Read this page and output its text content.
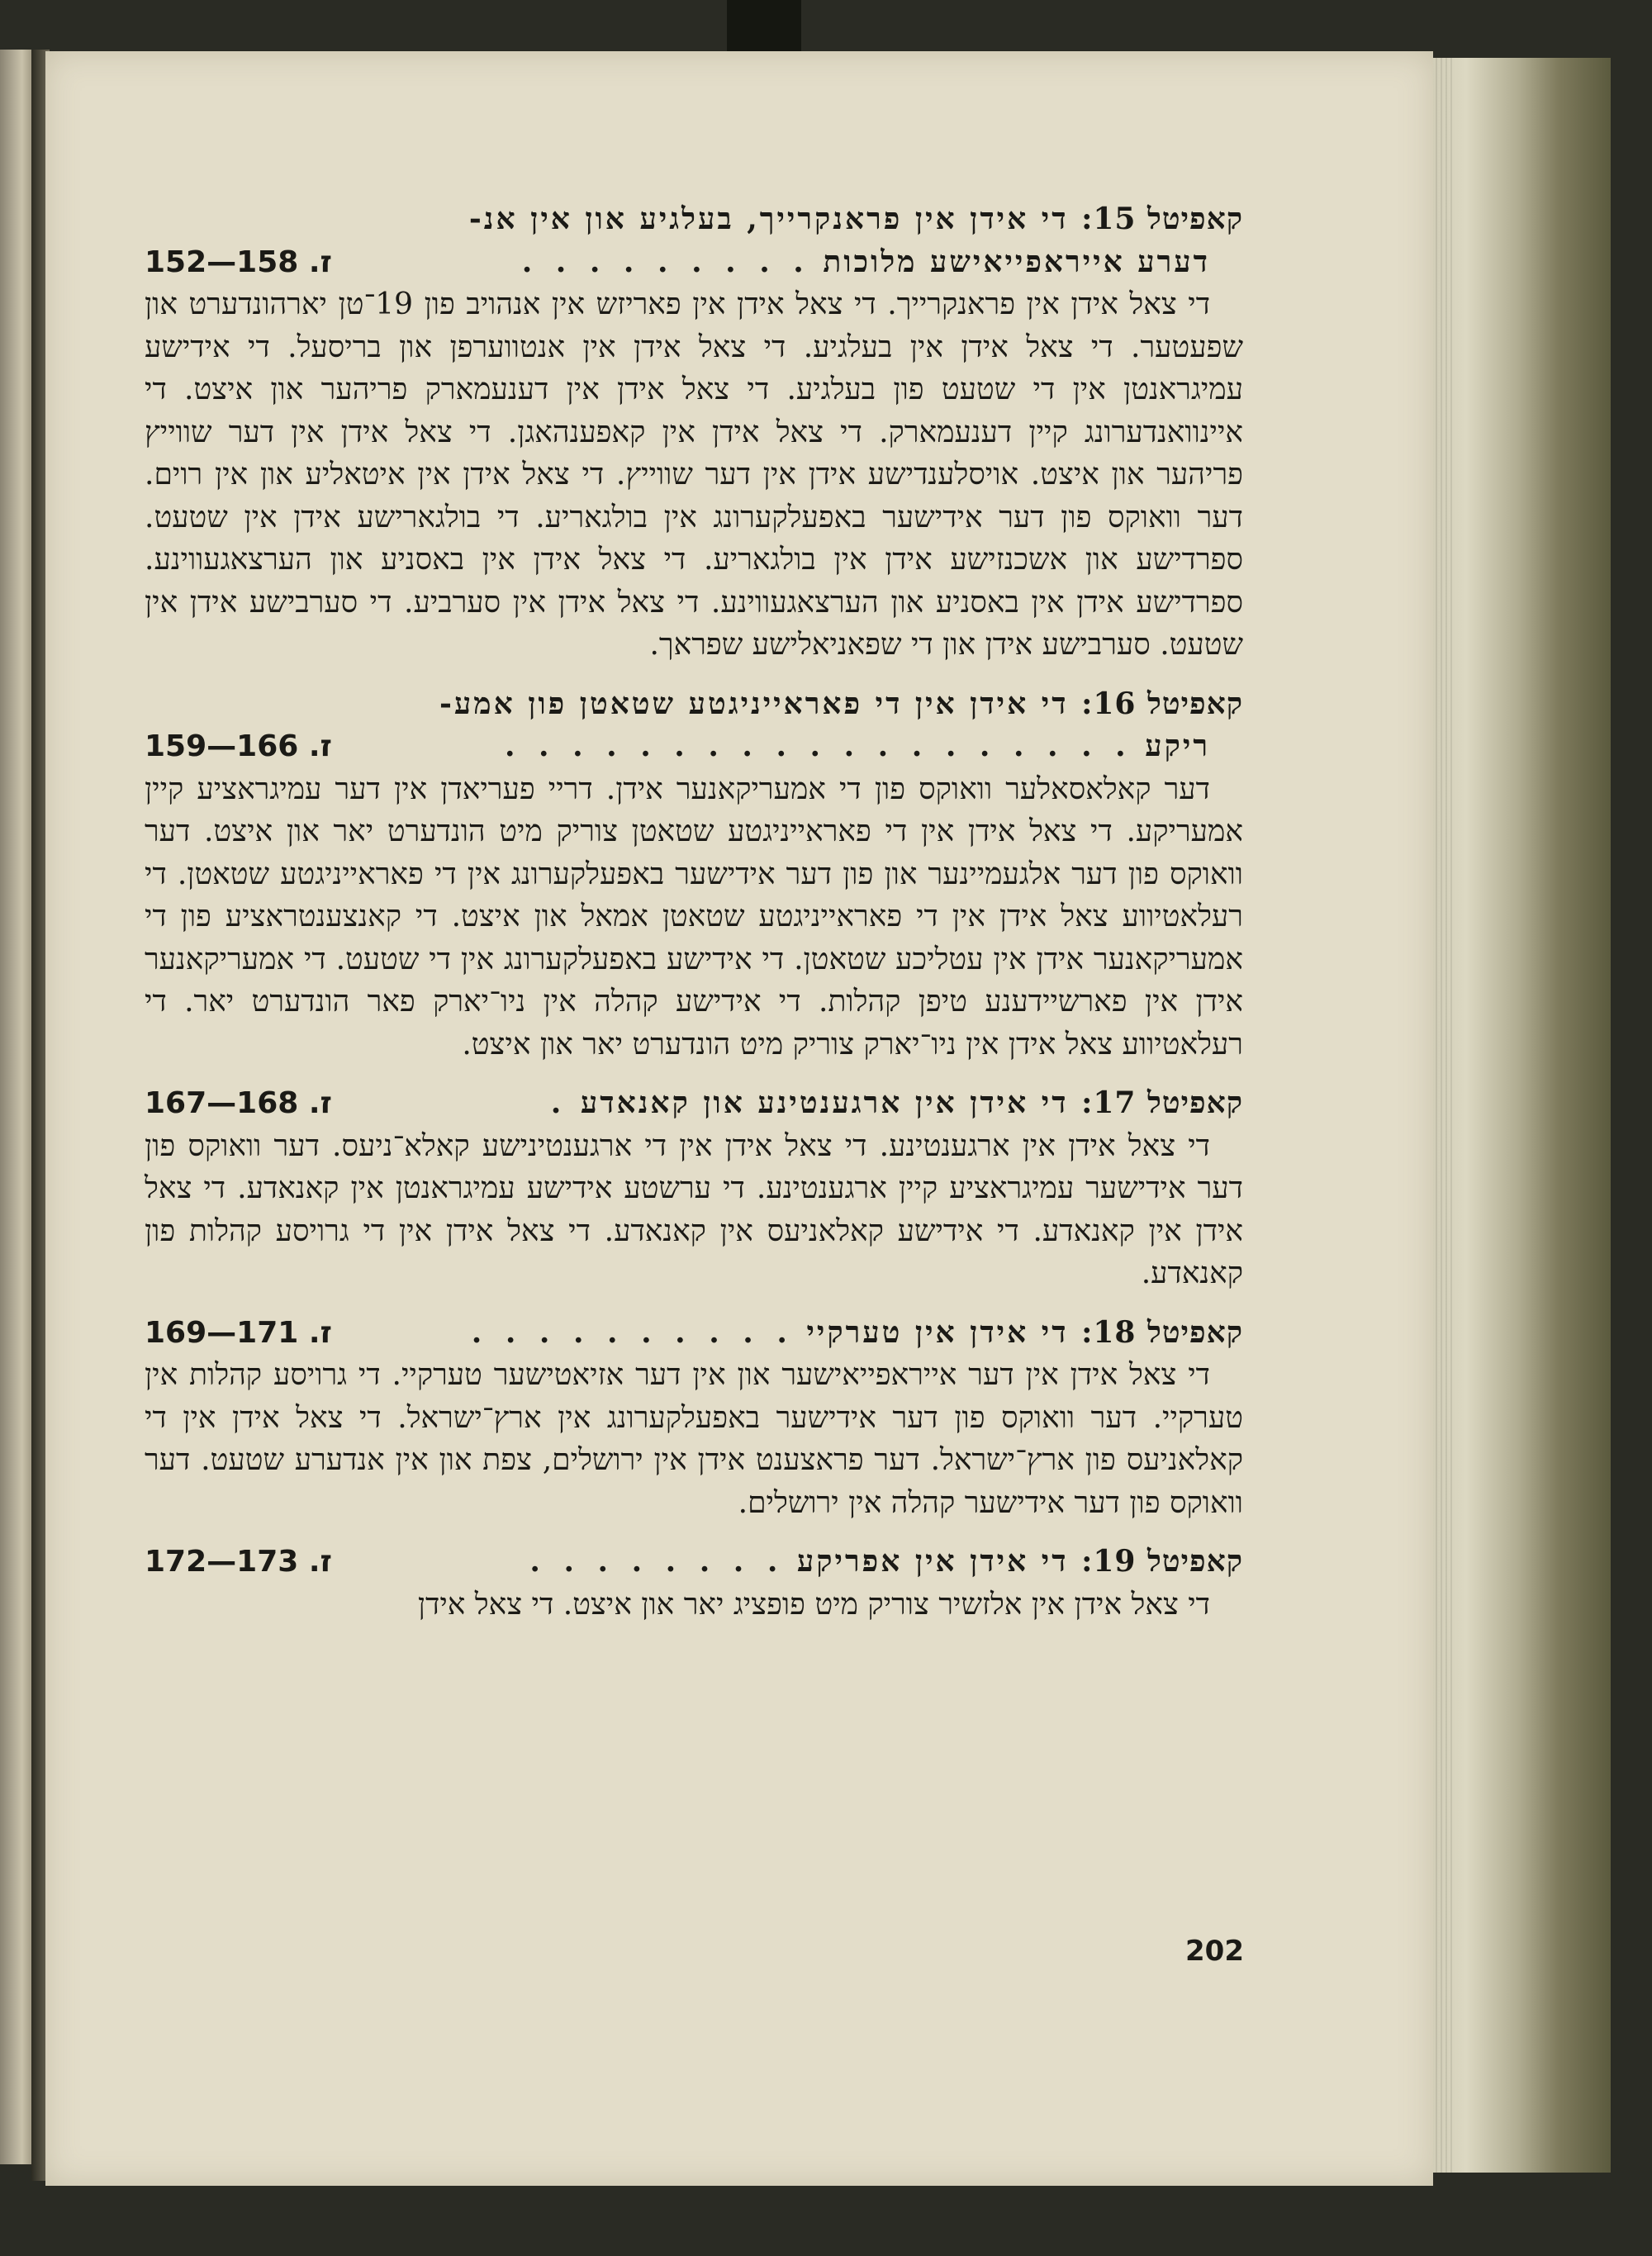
קאפיטל 15: די אידן אין פראנקרייך, בעלגיע און אין אנ-

דערע אייראפייאישע מלוכות . . . . . . . . .
152—158 .ז

די צאל אידן אין פראנקרייך. די צאל אידן אין פאריזש אין אנהויב פון 19־טן יארהונדערט און שפעטער. די צאל אידן אין בעלגיע. די צאל אידן אין אנטווערפן און בריסעל. די אידישע עמיגראנטן אין די שטעט פון בעלגיע. די צאל אידן אין דענעמארק פריהער און איצט. די איינוואנדערונג קיין דענעמארק. די צאל אידן אין קאפענהאגן. די צאל אידן אין דער שווייץ פריהער און איצט. אויסלענדישע אידן אין דער שווייץ. די צאל אידן אין איטאליע און אין רוים. דער וואוקס פון דער אידישער באפעלקערונג אין בולגאריע. די בולגארישע אידן אין שטעט. ספרדישע און אשכנזישע אידן אין בולגאריע. די צאל אידן אין באסניע און הערצאגעווינע. ספרדישע אידן אין באסניע און הערצאגעווינע. די צאל אידן אין סערביע. די סערבישע אידן אין שטעט. סערבישע אידן און די שפאניאלישע שפראך.

קאפיטל 16: די אידן אין די פאראייניגטע שטאטן פון אמע-

ריקע . . . . . . . . . . . . . . . . . . .
159—166 .ז

דער קאלאסאלער וואוקס פון די אמעריקאנער אידן. דריי פעריאדן אין דער עמיגראציע קיין אמעריקע. די צאל אידן אין די פאראייניגטע שטאטן צוריק מיט הונדערט יאר און איצט. דער וואוקס פון דער אלגעמיינער און פון דער אידישער באפעלקערונג אין די פאראייניגטע שטאטן. די רעלאטיווע צאל אידן אין די פאראייניגטע שטאטן אמאל און איצט. די קאנצענטראציע פון די אמעריקאנער אידן אין עטליכע שטאטן. די אידישע באפעלקערונג אין די שטעט. די אמעריקאנער אידן אין פארשיידענע טיפן קהלות. די אידישע קהלה אין ניו־יארק פאר הונדערט יאר. די רעלאטיווע צאל אידן אין ניו־יארק צוריק מיט הונדערט יאר און איצט.

קאפיטל 17: די אידן אין ארגענטינע און קאנאדע .
167—168 .ז

די צאל אידן אין ארגענטינע. די צאל אידן אין די ארגענטינישע קאלא־ניעס. דער וואוקס פון דער אידישער עמיגראציע קיין ארגענטינע. די ערשטע אידישע עמיגראנטן אין קאנאדע. די צאל אידן אין קאנאדע. די אידישע קאלאניעס אין קאנאדע. די צאל אידן אין די גרויסע קהלות פון קאנאדע.

קאפיטל 18: די אידן אין טערקיי . . . . . . . . . .
169—171 .ז

די צאל אידן אין דער אייראפייאישער און אין דער אזיאטישער טערקיי. די גרויסע קהלות אין טערקיי. דער וואוקס פון דער אידישער באפעלקערונג אין ארץ־ישראל. די צאל אידן אין די קאלאניעס פון ארץ־ישראל. דער פראצענט אידן אין ירושלים, צפת און אין אנדערע שטעט. דער וואוקס פון דער אידישער קהלה אין ירושלים.

קאפיטל 19: די אידן אין אפריקע . . . . . . . .
172—173 .ז

די צאל אידן אין אלזשיר צוריק מיט פופציג יאר און איצט. די צאל אידן

202
